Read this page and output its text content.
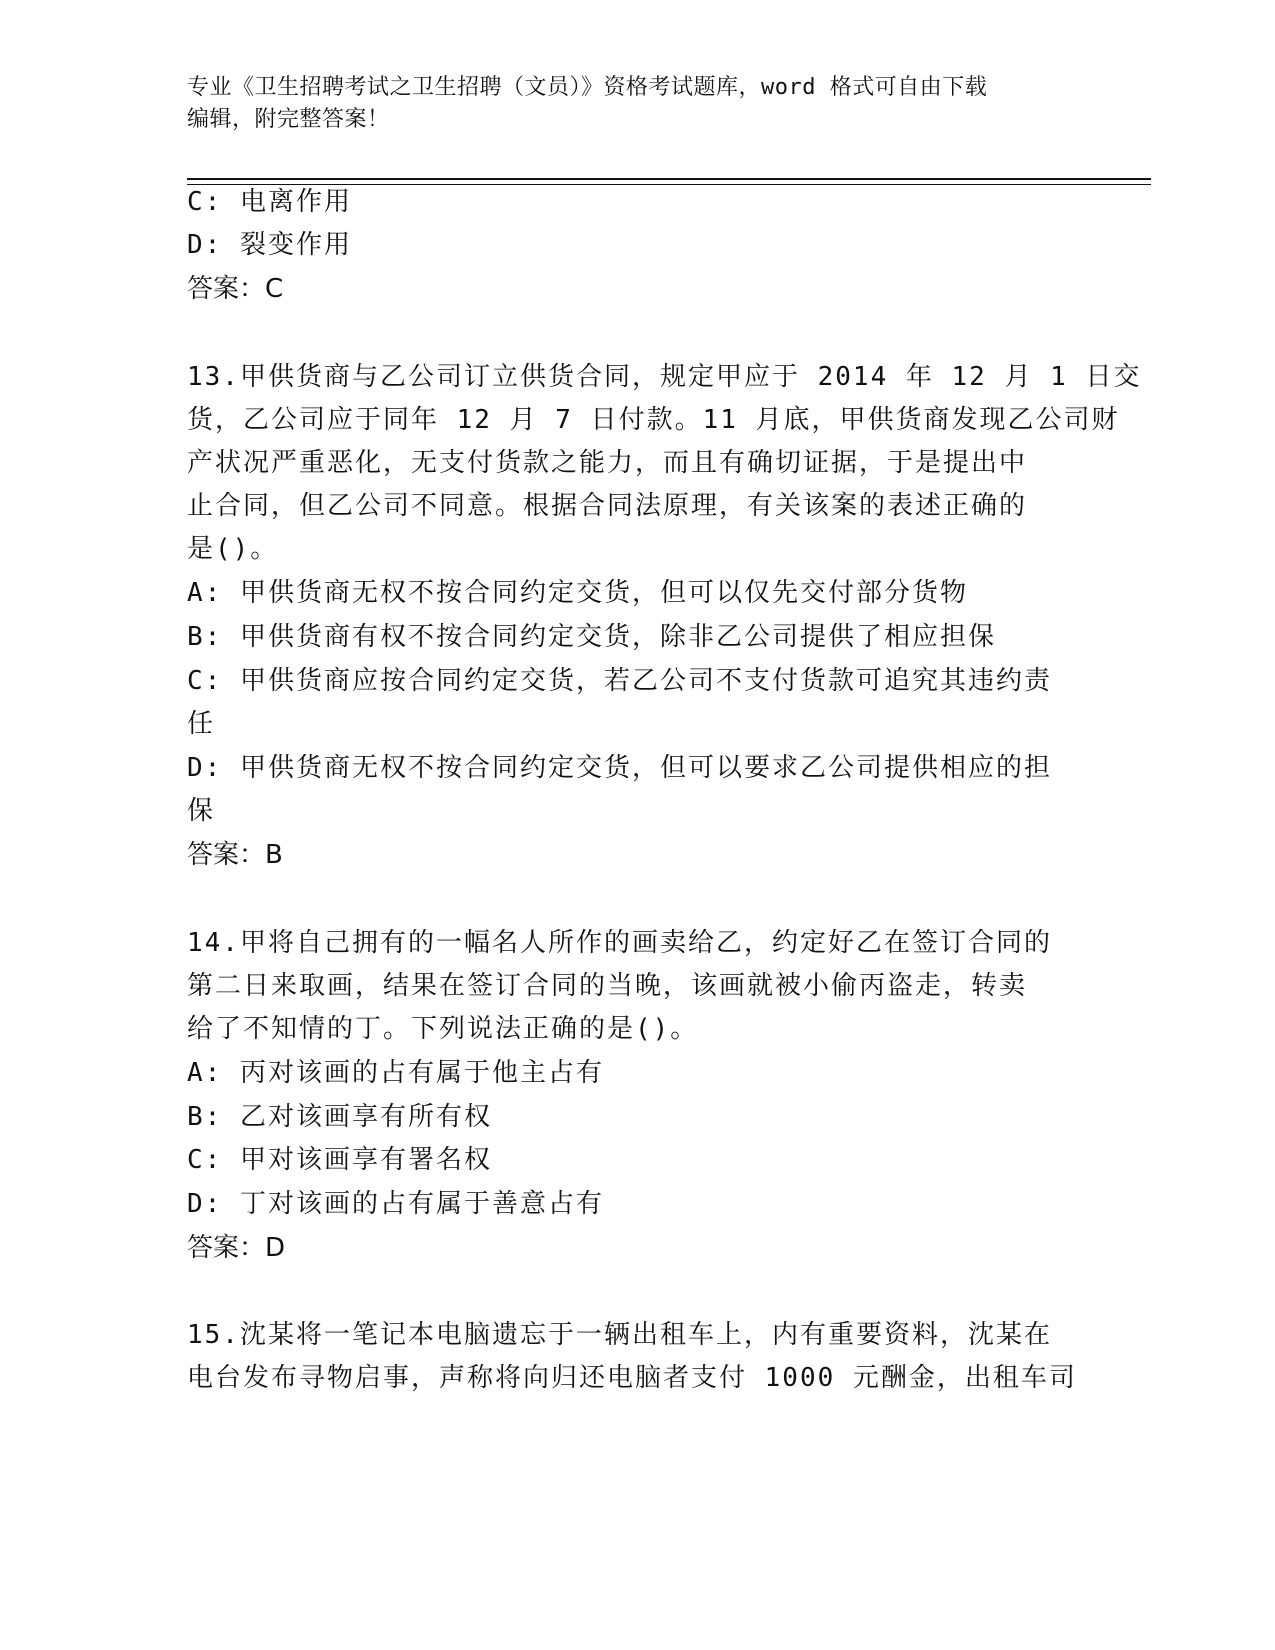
专业《卫生招聘考试之卫生招聘（文员）》资格考试题库，word 格式可自由下载
编辑，附完整答案！
C: 电离作用
D: 裂变作用
答案：C
13.甲供货商与乙公司订立供货合同，规定甲应于 2014 年 12 月 1 日交
货，乙公司应于同年 12 月 7 日付款。11 月底，甲供货商发现乙公司财
产状况严重恶化，无支付货款之能力，而且有确切证据，于是提出中
止合同，但乙公司不同意。根据合同法原理，有关该案的表述正确的
是()。
A: 甲供货商无权不按合同约定交货，但可以仅先交付部分货物
B: 甲供货商有权不按合同约定交货，除非乙公司提供了相应担保
C: 甲供货商应按合同约定交货，若乙公司不支付货款可追究其违约责
任
D: 甲供货商无权不按合同约定交货，但可以要求乙公司提供相应的担
保
答案：B
14.甲将自己拥有的一幅名人所作的画卖给乙，约定好乙在签订合同的
第二日来取画，结果在签订合同的当晚，该画就被小偷丙盗走，转卖
给了不知情的丁。下列说法正确的是()。
A: 丙对该画的占有属于他主占有
B: 乙对该画享有所有权
C: 甲对该画享有署名权
D: 丁对该画的占有属于善意占有
答案：D
15.沈某将一笔记本电脑遗忘于一辆出租车上，内有重要资料，沈某在
电台发布寻物启事，声称将向归还电脑者支付 1000 元酬金，出租车司
